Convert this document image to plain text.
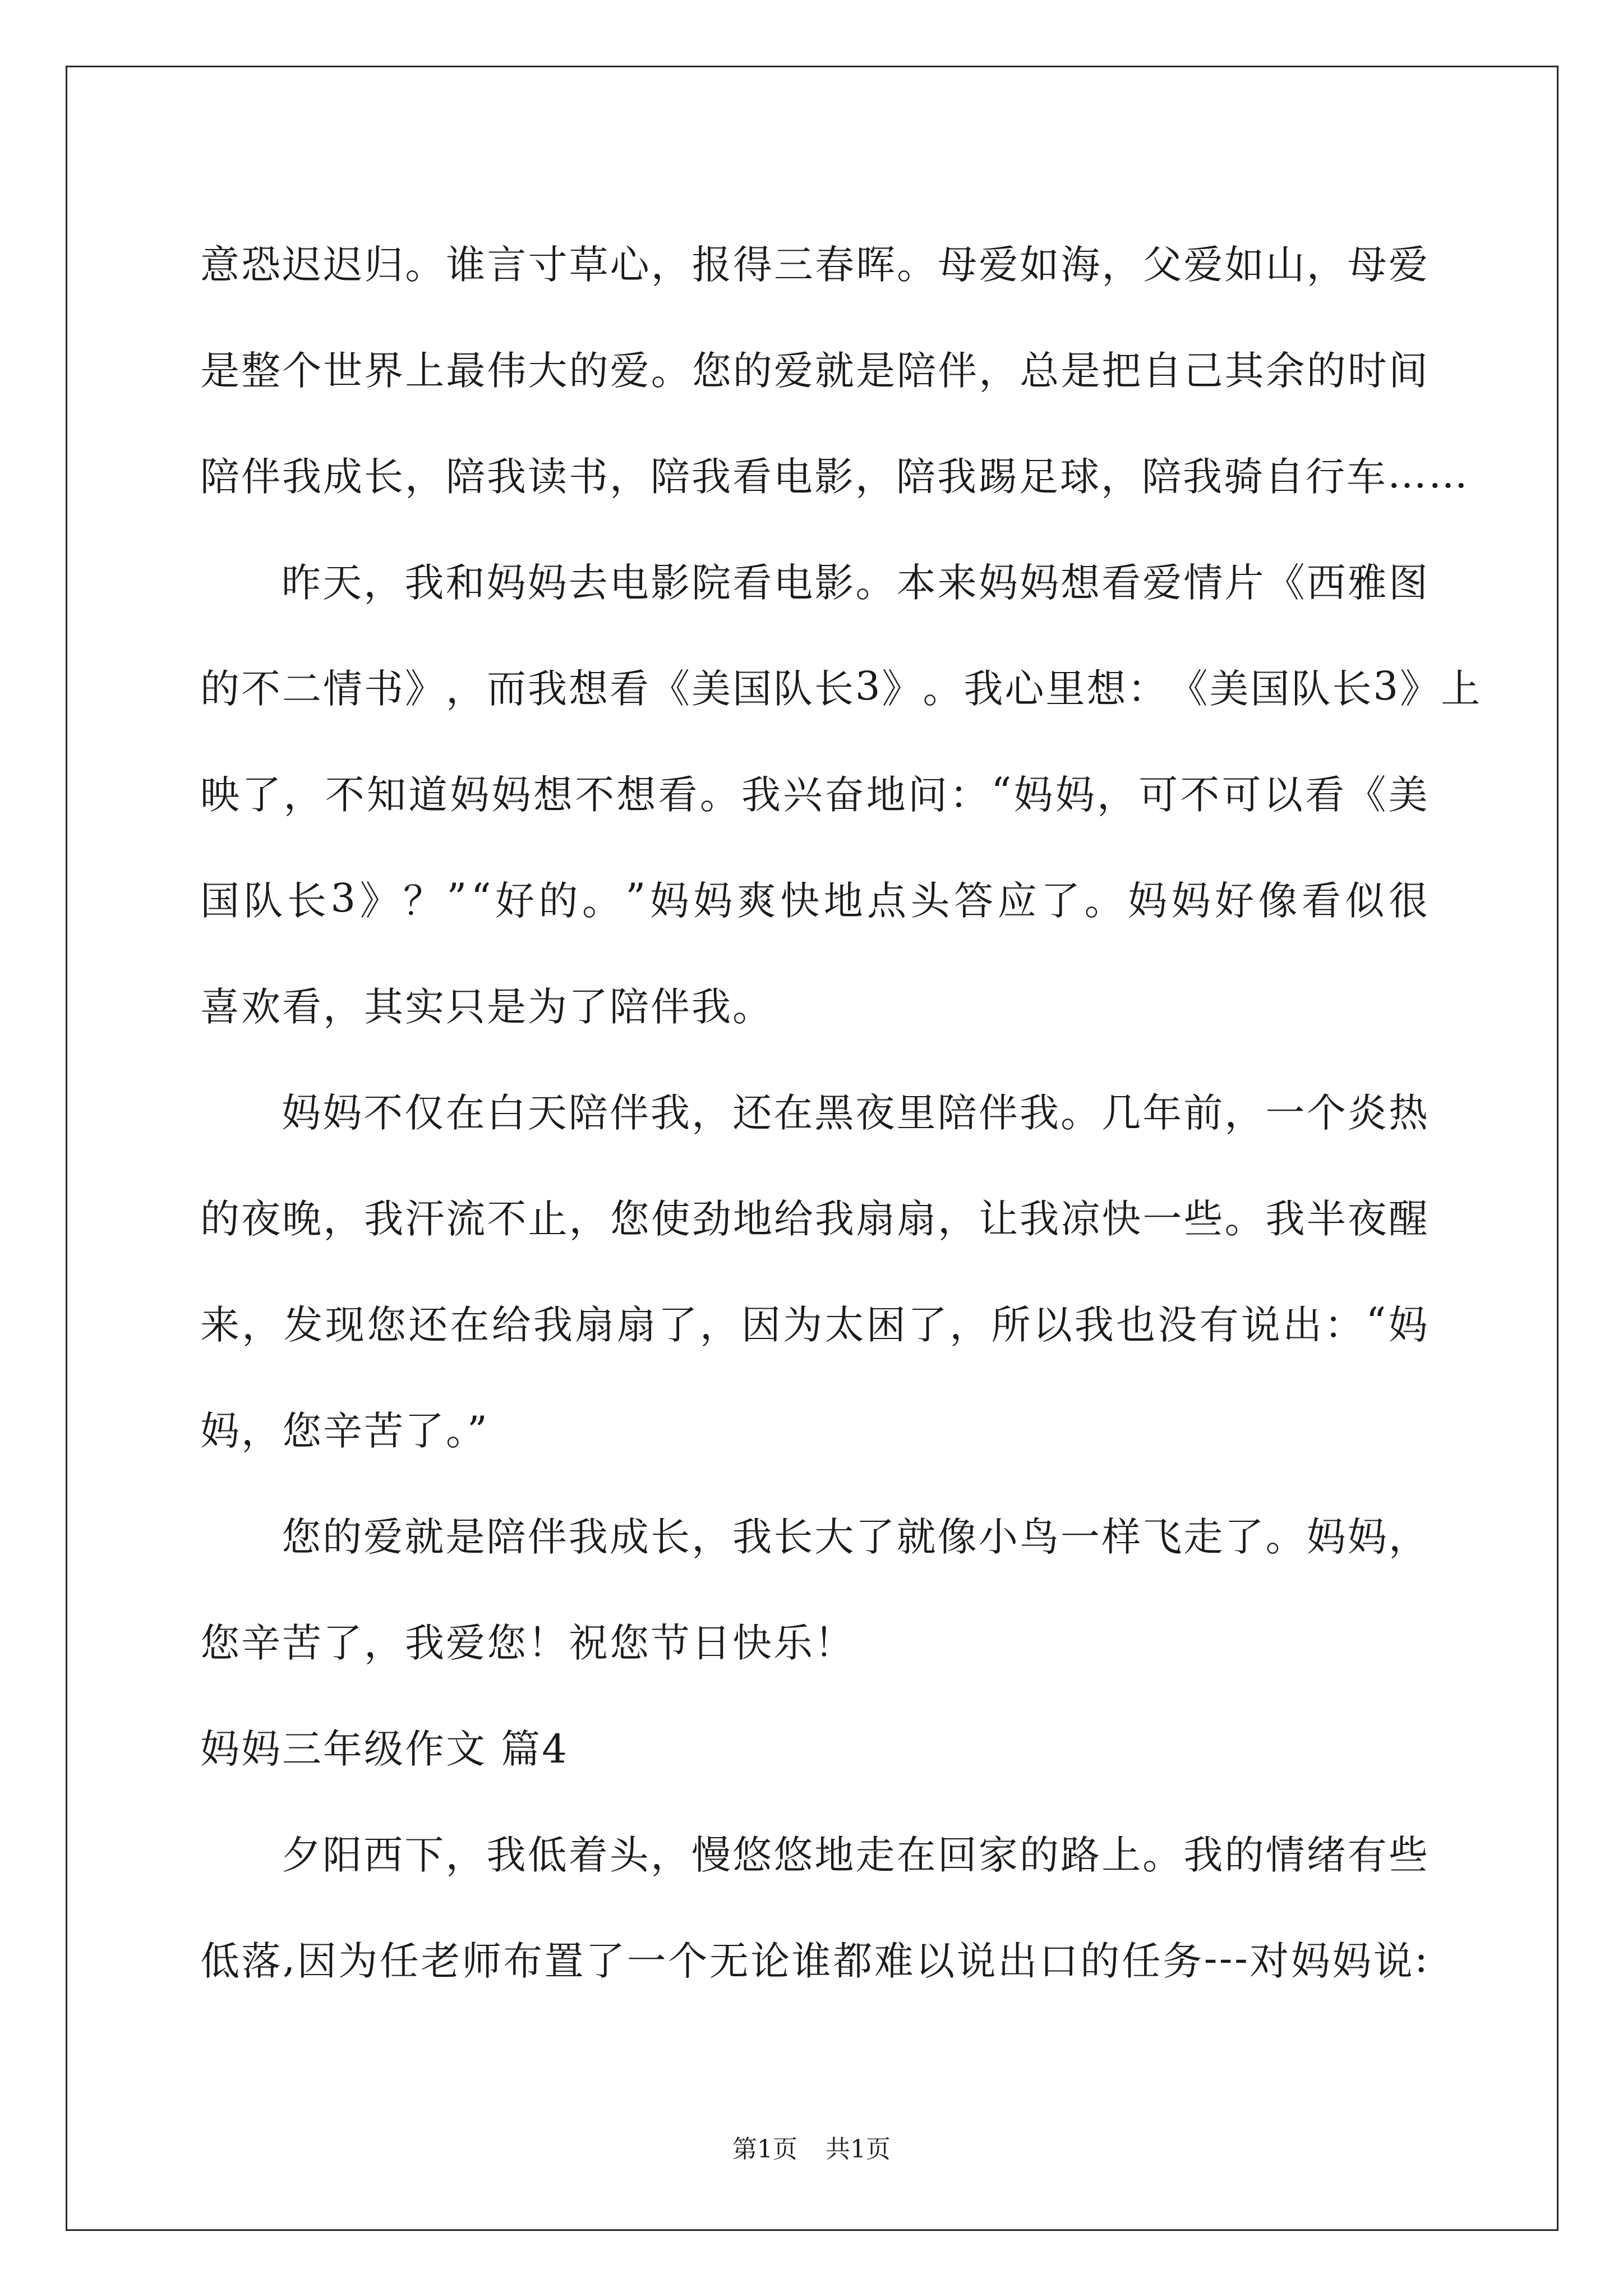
意 恐 迟 迟 归 。 谁 言 寸 草 心 ， 报 得 三 春 晖 。 母 爱 如 海 ， 父 爱 如 山 ， 母 爱
是 整 个 世 界 上 最 伟 大 的 爱 。 您 的 爱 就 是 陪 伴 ， 总 是 把 自 己 其 余 的 时 间
陪 伴 我 成 长 ， 陪 我 读 书 ， 陪 我 看 电 影 ， 陪 我 踢 足 球 ， 陪 我 骑 自 行 车 … …
昨 天 ， 我 和 妈 妈 去 电 影 院 看 电 影 。 本 来 妈 妈 想 看 爱 情 片 《 西 雅 图
的 不 二 情 书 》 ， 而 我 想 看 《 美 国 队 长 3 》 。 我 心 里 想 ： 《 美 国 队 长 3 》 上
映 了 ， 不 知 道 妈 妈 想 不 想 看 。 我 兴 奋 地 问 ： “ 妈 妈 ， 可 不 可 以 看 《 美
国 队 长 3 》 ？ ” “ 好 的 。 ” 妈 妈 爽 快 地 点 头 答 应 了 。 妈 妈 好 像 看 似 很
喜欢看，其实只是为了陪伴我。
妈 妈 不 仅 在 白 天 陪 伴 我 ， 还 在 黑 夜 里 陪 伴 我 。 几 年 前 ， 一 个 炎 热
的 夜 晚 ， 我 汗 流 不 止 ， 您 使 劲 地 给 我 扇 扇 ， 让 我 凉 快 一 些 。 我 半 夜 醒
来 ， 发 现 您 还 在 给 我 扇 扇 了 ， 因 为 太 困 了 ， 所 以 我 也 没 有 说 出 ： “ 妈
妈，您辛苦了。”
您 的 爱 就 是 陪 伴 我 成 长 ， 我 长 大 了 就 像 小 鸟 一 样 飞 走 了 。 妈 妈 ，
您辛苦了，我爱您！祝您节日快乐！
妈妈三年级作文 篇4
夕 阳 西 下 ， 我 低 着 头 ， 慢 悠 悠 地 走 在 回 家 的 路 上 。 我 的 情 绪 有 些
低 落 , 因 为 任 老 师 布 置 了 一 个 无 论 谁 都 难 以 说 出 口 的 任 务 - - - 对 妈 妈 说 :
第1页 共1页
